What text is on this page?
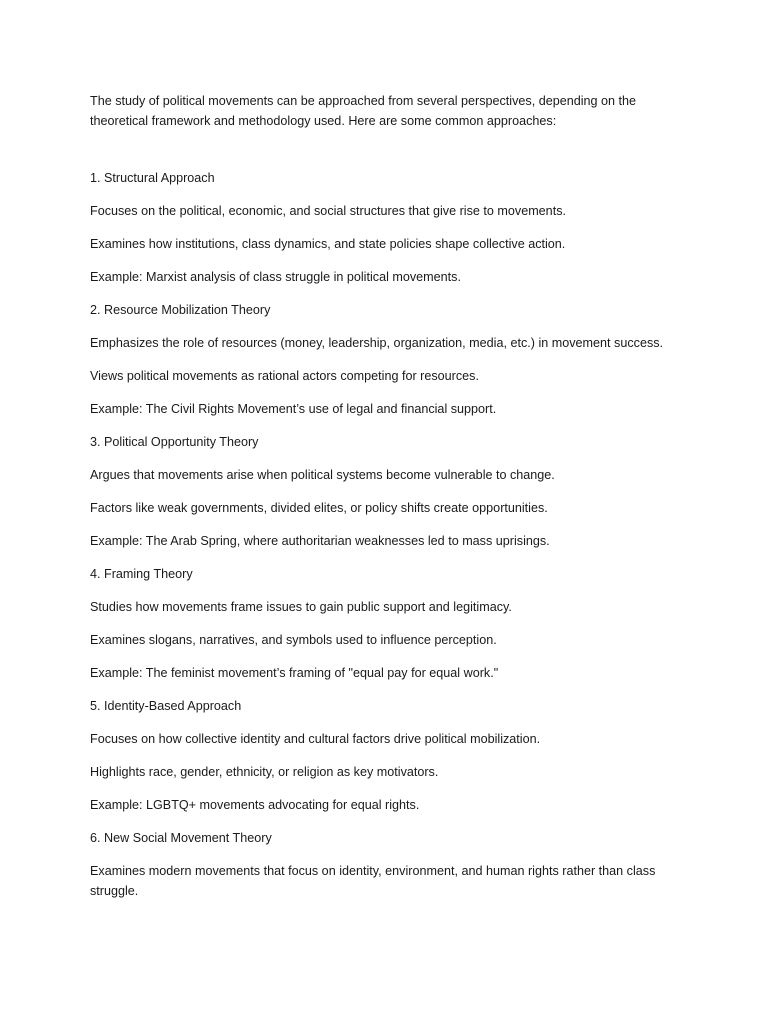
The study of political movements can be approached from several perspectives, depending on the theoretical framework and methodology used. Here are some common approaches:

1. Structural Approach

Focuses on the political, economic, and social structures that give rise to movements.

Examines how institutions, class dynamics, and state policies shape collective action.

Example: Marxist analysis of class struggle in political movements.

2. Resource Mobilization Theory

Emphasizes the role of resources (money, leadership, organization, media, etc.) in movement success.

Views political movements as rational actors competing for resources.

Example: The Civil Rights Movement’s use of legal and financial support.

3. Political Opportunity Theory

Argues that movements arise when political systems become vulnerable to change.

Factors like weak governments, divided elites, or policy shifts create opportunities.

Example: The Arab Spring, where authoritarian weaknesses led to mass uprisings.

4. Framing Theory

Studies how movements frame issues to gain public support and legitimacy.

Examines slogans, narratives, and symbols used to influence perception.

Example: The feminist movement’s framing of "equal pay for equal work."

5. Identity-Based Approach

Focuses on how collective identity and cultural factors drive political mobilization.

Highlights race, gender, ethnicity, or religion as key motivators.

Example: LGBTQ+ movements advocating for equal rights.

6. New Social Movement Theory

Examines modern movements that focus on identity, environment, and human rights rather than class struggle.
